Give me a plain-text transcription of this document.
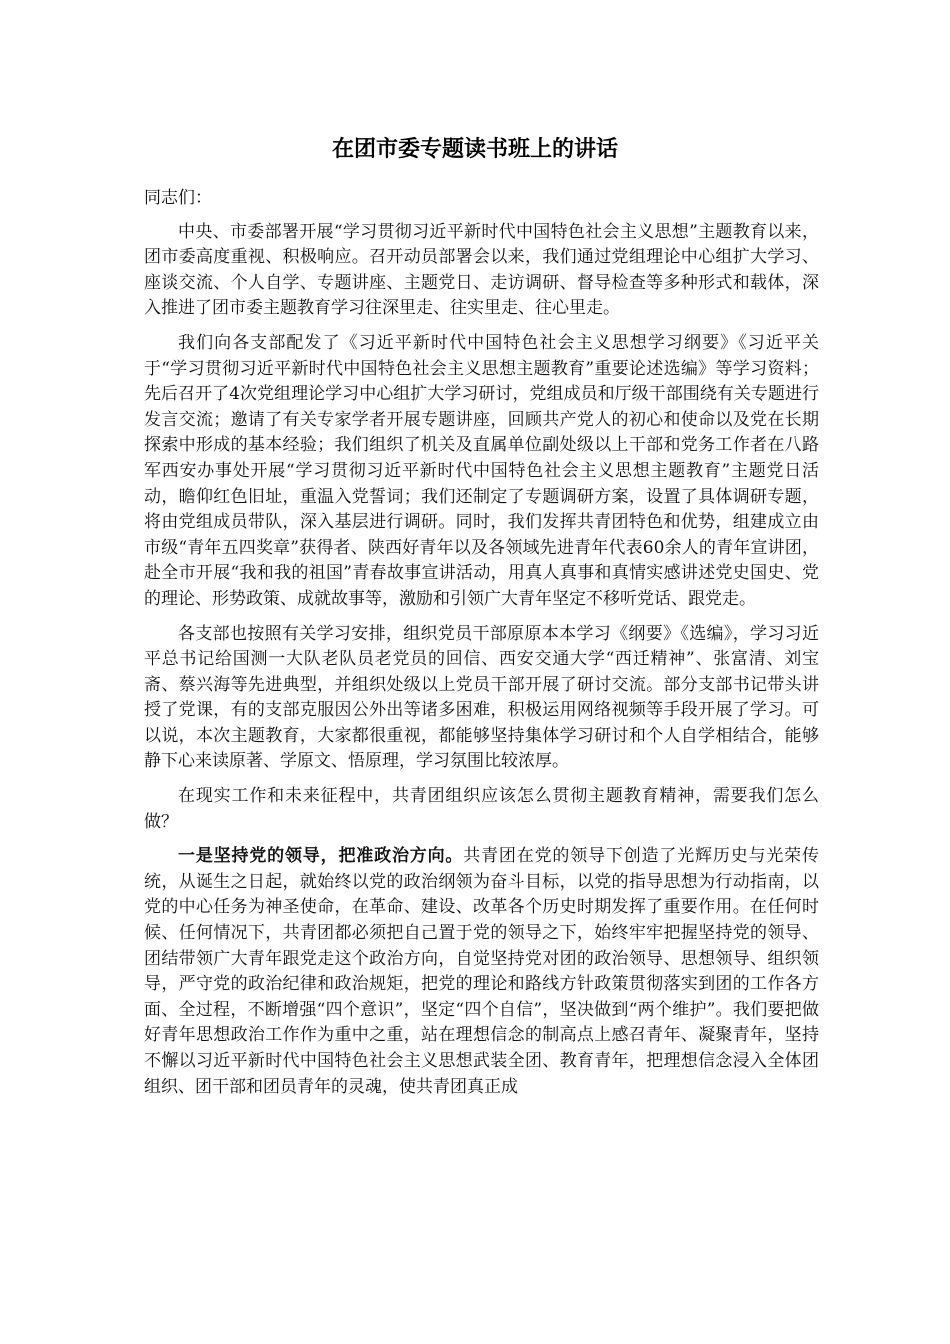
在团市委专题读书班上的讲话

同志们：

中央、市委部署开展“学习贯彻习近平新时代中国特色社会主义思想”主题教育以来，团市委高度重视、积极响应。召开动员部署会以来，我们通过党组理论中心组扩大学习、座谈交流、个人自学、专题讲座、主题党日、走访调研、督导检查等多种形式和载体，深入推进了团市委主题教育学习往深里走、往实里走、往心里走。

我们向各支部配发了《习近平新时代中国特色社会主义思想学习纲要》《习近平关于“学习贯彻习近平新时代中国特色社会主义思想主题教育”重要论述选编》等学习资料；先后召开了4次党组理论学习中心组扩大学习研讨，党组成员和厅级干部围绕有关专题进行发言交流；邀请了有关专家学者开展专题讲座，回顾共产党人的初心和使命以及党在长期探索中形成的基本经验；我们组织了机关及直属单位副处级以上干部和党务工作者在八路军西安办事处开展“学习贯彻习近平新时代中国特色社会主义思想主题教育”主题党日活动，瞻仰红色旧址，重温入党誓词；我们还制定了专题调研方案，设置了具体调研专题，将由党组成员带队，深入基层进行调研。同时，我们发挥共青团特色和优势，组建成立由市级“青年五四奖章”获得者、陕西好青年以及各领域先进青年代表60余人的青年宣讲团，赴全市开展“我和我的祖国”青春故事宣讲活动，用真人真事和真情实感讲述党史国史、党的理论、形势政策、成就故事等，激励和引领广大青年坚定不移听党话、跟党走。

各支部也按照有关学习安排，组织党员干部原原本本学习《纲要》《选编》，学习习近平总书记给国测一大队老队员老党员的回信、西安交通大学“西迁精神”、张富清、刘宝斋、蔡兴海等先进典型，并组织处级以上党员干部开展了研讨交流。部分支部书记带头讲授了党课，有的支部克服因公外出等诸多困难，积极运用网络视频等手段开展了学习。可以说，本次主题教育，大家都很重视，都能够坚持集体学习研讨和个人自学相结合，能够静下心来读原著、学原文、悟原理，学习氛围比较浓厚。

在现实工作和未来征程中，共青团组织应该怎么贯彻主题教育精神，需要我们怎么做？

一是坚持党的领导，把准政治方向。共青团在党的领导下创造了光辉历史与光荣传统，从诞生之日起，就始终以党的政治纲领为奋斗目标，以党的指导思想为行动指南，以党的中心任务为神圣使命，在革命、建设、改革各个历史时期发挥了重要作用。在任何时候、任何情况下，共青团都必须把自己置于党的领导之下，始终牢牢把握坚持党的领导、团结带领广大青年跟党走这个政治方向，自觉坚持党对团的政治领导、思想领导、组织领导，严守党的政治纪律和政治规矩，把党的理论和路线方针政策贯彻落实到团的工作各方面、全过程，不断增强“四个意识”，坚定“四个自信”，坚决做到“两个维护”。我们要把做好青年思想政治工作作为重中之重，站在理想信念的制高点上感召青年、凝聚青年，坚持不懈以习近平新时代中国特色社会主义思想武装全团、教育青年，把理想信念浸入全体团组织、团干部和团员青年的灵魂，使共青团真正成
